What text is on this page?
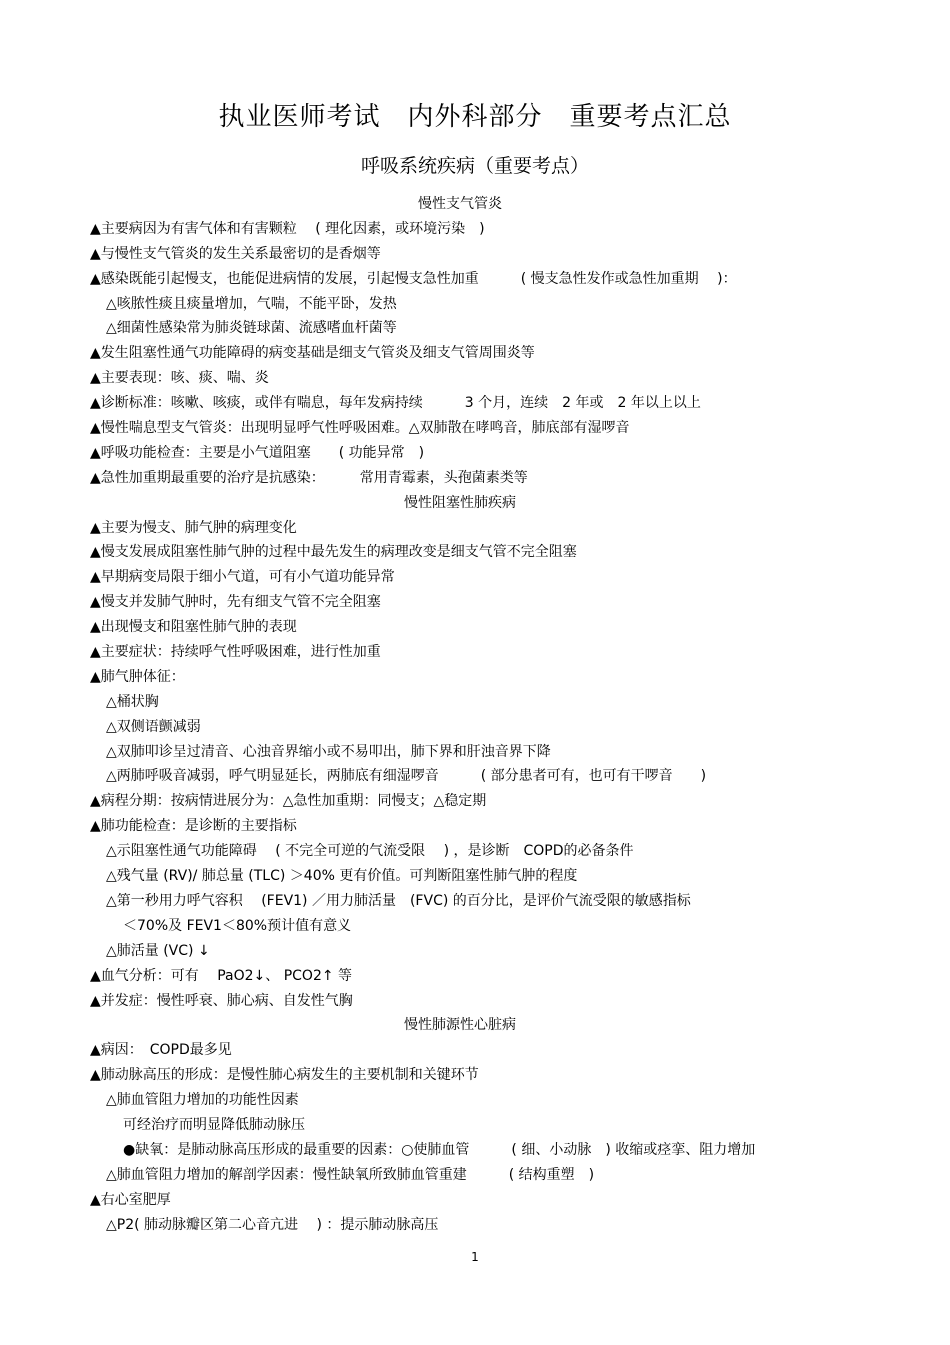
执业医师考试　内外科部分　重要考点汇总
呼吸系统疾病（重要考点）
慢性支气管炎
▲主要病因为有害气体和有害颗粒　 ( 理化因素，或环境污染　)
▲与慢性支气管炎的发生关系最密切的是香烟等
▲感染既能引起慢支，也能促进病情的发展，引起慢支急性加重　　　( 慢支急性发作或急性加重期　 )：
△咳脓性痰且痰量增加，气喘，不能平卧，发热
△细菌性感染常为肺炎链球菌、流感嗜血杆菌等
▲发生阻塞性通气功能障碍的病变基础是细支气管炎及细支气管周围炎等
▲主要表现：咳、痰、喘、炎
▲诊断标准：咳嗽、咳痰，或伴有喘息，每年发病持续　　　3 个月，连续　2 年或　2 年以上以上
▲慢性喘息型支气管炎：出现明显呼气性呼吸困难。△双肺散在哮鸣音，肺底部有湿啰音
▲呼吸功能检查：主要是小气道阻塞　　( 功能异常　)
▲急性加重期最重要的治疗是抗感染：　　　常用青霉素，头孢菌素类等
慢性阻塞性肺疾病
▲主要为慢支、肺气肿的病理变化
▲慢支发展成阻塞性肺气肿的过程中最先发生的病理改变是细支气管不完全阻塞
▲早期病变局限于细小气道，可有小气道功能异常
▲慢支并发肺气肿时，先有细支气管不完全阻塞
▲出现慢支和阻塞性肺气肿的表现
▲主要症状：持续呼气性呼吸困难，进行性加重
▲肺气肿体征：
△桶状胸
△双侧语颤减弱
△双肺叩诊呈过清音、心浊音界缩小或不易叩出，肺下界和肝浊音界下降
△两肺呼吸音减弱，呼气明显延长，两肺底有细湿啰音　　　( 部分患者可有，也可有干啰音　　)
▲病程分期：按病情进展分为：△急性加重期：同慢支；△稳定期
▲肺功能检查：是诊断的主要指标
△示阻塞性通气功能障碍　 ( 不完全可逆的气流受限　 ) ，是诊断　COPD的必备条件
△残气量 (RV)/ 肺总量 (TLC) ＞40% 更有价值。可判断阻塞性肺气肿的程度
△第一秒用力呼气容积　 (FEV1) ／用力肺活量　(FVC) 的百分比，是评价气流受限的敏感指标
＜70%及 FEV1＜80%预计值有意义
△肺活量 (VC) ↓
▲血气分析：可有　 PaO2↓、 PCO2↑ 等
▲并发症：慢性呼衰、肺心病、自发性气胸
慢性肺源性心脏病
▲病因：　COPD最多见
▲肺动脉高压的形成：是慢性肺心病发生的主要机制和关键环节
△肺血管阻力增加的功能性因素
可经治疗而明显降低肺动脉压
●缺氧：是肺动脉高压形成的最重要的因素：○使肺血管　　　( 细、小动脉　) 收缩或痉挛、阻力增加
△肺血管阻力增加的解剖学因素：慢性缺氧所致肺血管重建　　　( 结构重塑　)
▲右心室肥厚
△P2( 肺动脉瓣区第二心音亢进　 ) ：提示肺动脉高压
1
